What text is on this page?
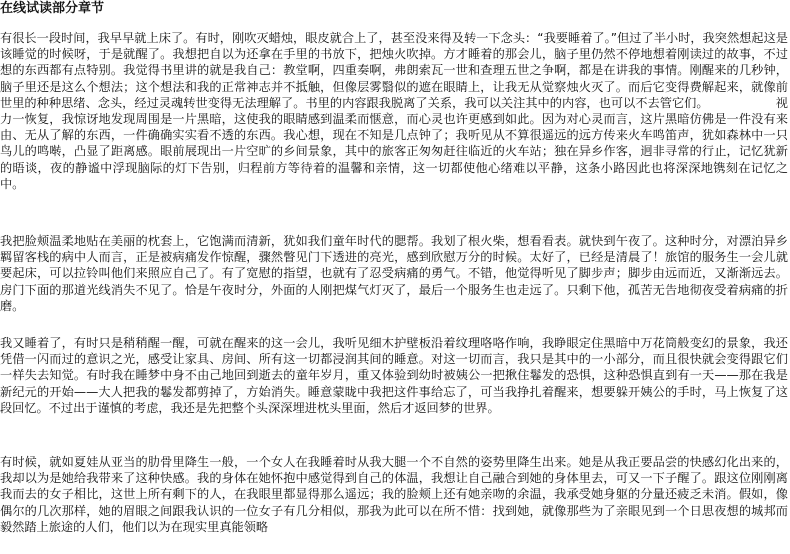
在线试读部分章节

有很长一段时间，我早早就上床了。有时，刚吹灭蜡烛，眼皮就合上了，甚至没来得及转一下念头：“我要睡着了。”但过了半小时，我突然想起这是该睡觉的时候呀，于是就醒了。我想把自以为还拿在手里的书放下，把烛火吹掉。方才睡着的那会儿，脑子里仍然不停地想着刚读过的故事，不过想的东西都有点特别。我觉得书里讲的就是我自己：教堂啊，四重奏啊，弗朗索瓦一世和查理五世之争啊，都是在讲我的事情。刚醒来的几秒钟，脑子里还是这么个想法；这个想法和我的正常神志并不抵触，但像层雾翳似的遮在眼睛上，让我无从觉察烛火灭了。而后它变得费解起来，就像前世里的种种思绪、念头，经过灵魂转世变得无法理解了。书里的内容跟我脱离了关系，我可以关注其中的内容，也可以不去管它们。　　　　　　视力一恢复，我惊讶地发现周围是一片黑暗，这使我的眼睛感到温柔而惬意，而心灵也许更感到如此。因为对心灵而言，这片黑暗仿佛是一件没有来由、无从了解的东西，一件确确实实看不透的东西。我心想，现在不知是几点钟了；我听见从不算很遥远的远方传来火车鸣笛声，犹如森林中一只鸟儿的鸣啭，凸显了距离感。眼前展现出一片空旷的乡间景象，其中的旅客正匆匆赶往临近的火车站；独在异乡作客，迥非寻常的行止，记忆犹新的晤谈，夜的静谧中浮现脑际的灯下告别，归程前方等待着的温馨和亲情，这一切都使他心绪难以平静，这条小路因此也将深深地镌刻在记忆之中。

我把脸颊温柔地贴在美丽的枕套上，它饱满而清新，犹如我们童年时代的腮帮。我划了根火柴，想看看表。就快到午夜了。这种时分，对漂泊异乡羁留客栈的病中人而言，正是被病痛发作惊醒，骤然瞥见门下透进的亮光，感到欣慰万分的时候。太好了，已经是清晨了！旅馆的服务生一会儿就要起床，可以拉铃叫他们来照应自己了。有了宽慰的指望，也就有了忍受病痛的勇气。不错，他觉得听见了脚步声；脚步由远而近，又渐渐远去。房门下面的那道光线消失不见了。恰是午夜时分，外面的人刚把煤气灯灭了，最后一个服务生也走远了。只剩下他，孤苦无告地彻夜受着病痛的折磨。

我又睡着了，有时只是稍稍醒一醒，可就在醒来的这一会儿，我听见细木护壁板沿着纹理咯咯作响，我睁眼定住黑暗中万花筒般变幻的景象，我还凭借一闪而过的意识之光，感受让家具、房间、所有这一切都浸润其间的睡意。对这一切而言，我只是其中的一小部分，而且很快就会变得跟它们一样失去知觉。有时我在睡梦中身不由己地回到逝去的童年岁月，重又体验到幼时被姨公一把揪住鬈发的恐惧，这种恐惧直到有一天——那在我是新纪元的开始——大人把我的鬈发都剪掉了，方始消失。睡意蒙眬中我把这件事给忘了，可当我挣扎着醒来，想要躲开姨公的手时，马上恢复了这段回忆。不过出于谨慎的考虑，我还是先把整个头深深埋进枕头里面，然后才返回梦的世界。

有时候，就如夏娃从亚当的肋骨里降生一般，一个女人在我睡着时从我大腿一个不自然的姿势里降生出来。她是从我正要品尝的快感幻化出来的，我却以为是她给我带来了这种快感。我的身体在她怀抱中感觉得到自己的体温，我想让自己融合到她的身体里去，可又一下子醒了。跟这位刚刚离我而去的女子相比，这世上所有剩下的人，在我眼里都显得那么遥远；我的脸颊上还有她亲吻的余温，我承受她身躯的分量还疲乏未消。假如，像偶尔的几次那样，她的眉眼之间跟我认识的一位女子有几分相似，那我为此可以在所不惜：找到她，就像那些为了亲眼见到一个日思夜想的城邦而毅然踏上旅途的人们，他们以为在现实里真能领略
